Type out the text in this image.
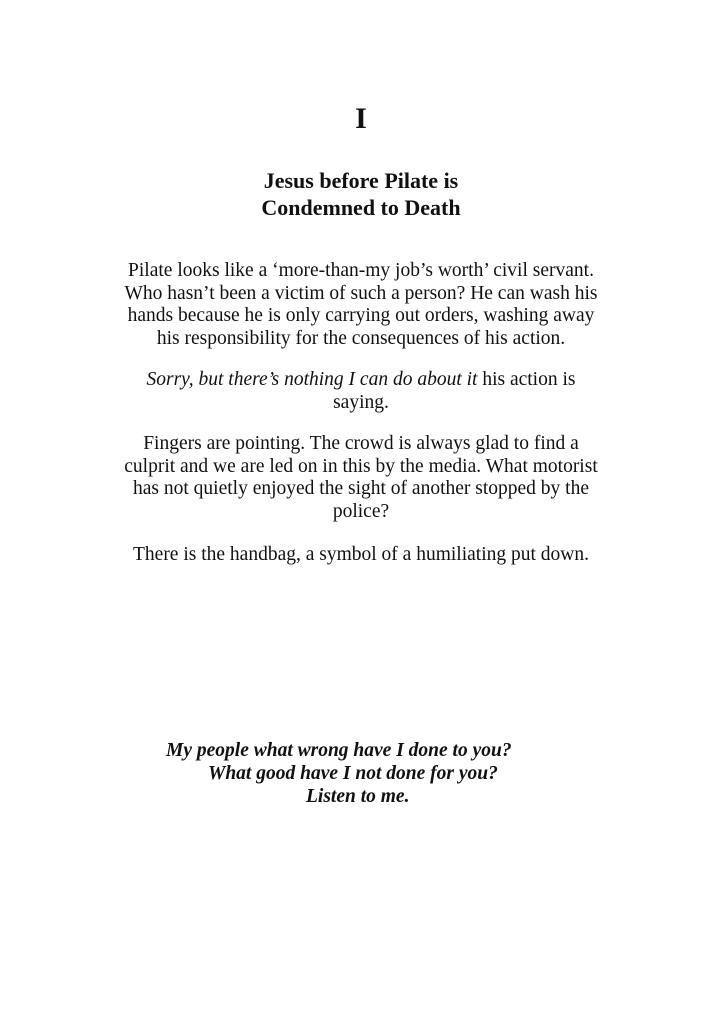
I
Jesus before Pilate is
Condemned to Death
Pilate looks like a ‘more-than-my job’s worth’ civil servant.
Who hasn’t been a victim of such a person? He can wash his
hands because he is only carrying out orders, washing away
his responsibility for the consequences of his action.
Sorry, but there’s nothing I can do about it his action is
saying.
Fingers are pointing. The crowd is always glad to find a
culprit and we are led on in this by the media. What motorist
has not quietly enjoyed the sight of another stopped by the
police?
There is the handbag, a symbol of a humiliating put down.
My people what wrong have I done to you?
What good have I not done for you?
Listen to me.
